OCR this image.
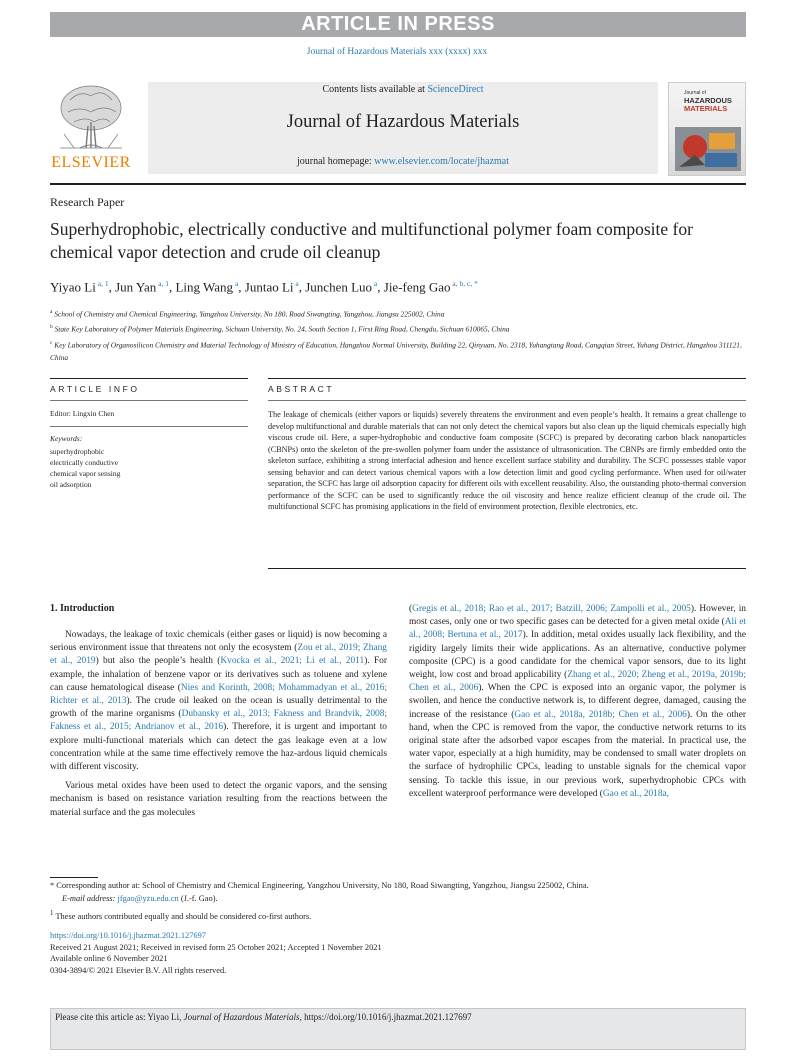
ARTICLE IN PRESS
Journal of Hazardous Materials xxx (xxxx) xxx
ELSEVIER
Contents lists available at ScienceDirect
Journal of Hazardous Materials
journal homepage: www.elsevier.com/locate/jhazmat
Journal of
HAZARDOUS
MATERIALS
Research Paper
Superhydrophobic, electrically conductive and multifunctional polymer foam composite for chemical vapor detection and crude oil cleanup
Yiyao Li $^{a, 1}$, Jun Yan $^{a, 1}$, Ling Wang $^a$, Juntao Li $^a$, Junchen Luo $^a$, Jie-feng Gao $^{a, b, c, *}$
$^a$ School of Chemistry and Chemical Engineering, Yangzhou University, No 180, Road Siwangting, Yangzhou, Jiangsu 225002, China
$^b$ State Key Laboratory of Polymer Materials Engineering, Sichuan University, No. 24, South Section 1, First Ring Road, Chengdu, Sichuan 610065, China
$^c$ Key Laboratory of Organosilicon Chemistry and Material Technology of Ministry of Education, Hangzhou Normal University, Building 22, Qinyuan, No. 2318, Yuhangtang Road, Cangqian Street, Yuhang District, Hangzhou 311121, China
ARTICLE INFO	ABSTRACT
Editor: Lingxin Chen
Keywords:
superhydrophobic
electrically conductive
chemical vapor sensing
oil adsorption
The leakage of chemicals (either vapors or liquids) severely threatens the environment and even people’s health. It remains a great challenge to develop multifunctional and durable materials that can not only detect the chemical vapors but also clean up the liquid chemicals especially high viscous crude oil. Here, a super-hydrophobic and conductive foam composite (SCFC) is prepared by decorating carbon black nanoparticles (CBNPs) onto the skeleton of the pre-swollen polymer foam under the assistance of ultrasonication. The CBNPs are firmly embedded onto the skeleton surface, exhibiting a strong interfacial adhesion and hence excellent surface stability and durability. The SCFC possesses stable vapor sensing behavior and can detect various chemical vapors with a low detection limit and good cycling performance. When used for oil/water separation, the SCFC has large oil adsorption capacity for different oils with excellent reusability. Also, the outstanding photo-thermal conversion performance of the SCFC can be used to significantly reduce the oil viscosity and hence realize efficient cleanup of the crude oil. The multifunctional SCFC has promising applications in the field of environment protection, flexible electronics, etc.
1. Introduction

Nowadays, the leakage of toxic chemicals (either gases or liquid) is now becoming a serious environment issue that threatens not only the ecosystem (Zou et al., 2019; Zhang et al., 2019) but also the people’s health (Kvocka et al., 2021; Li et al., 2011). For example, the inhalation of benzene vapor or its derivatives such as toluene and xylene can cause hematological disease (Nies and Korinth, 2008; Mohammadyan et al., 2016; Richter et al., 2013). The crude oil leaked on the ocean is usually detrimental to the growth of the marine organisms (Dubansky et al., 2013; Fakness and Brandvik, 2008; Fakness et al., 2015; Andrianov et al., 2016). Therefore, it is urgent and important to explore multi-functional materials which can detect the gas leakage even at a low concentration while at the same time effectively remove the haz-ardous liquid chemicals with different viscosity.

Various metal oxides have been used to detect the organic vapors, and the sensing mechanism is based on resistance variation resulting from the reactions between the material surface and the gas molecules

(Gregis et al., 2018; Rao et al., 2017; Batzill, 2006; Zampolli et al., 2005). However, in most cases, only one or two specific gases can be detected for a given metal oxide (Ali et al., 2008; Bertuna et al., 2017). In addition, metal oxides usually lack flexibility, and the rigidity largely limits their wide applications. As an alternative, conductive polymer composite (CPC) is a good candidate for the chemical vapor sensors, due to its light weight, low cost and broad applicability (Zhang et al., 2020; Zheng et al., 2019a, 2019b; Chen et al., 2006). When the CPC is exposed into an organic vapor, the polymer is swollen, and hence the conductive network is, to different degree, damaged, causing the increase of the resistance (Gao et al., 2018a, 2018b; Chen et al., 2006). On the other hand, when the CPC is removed from the vapor, the conductive network returns to its original state after the adsorbed vapor escapes from the material. In practical use, the water vapor, especially at a high humidity, may be condensed to small water droplets on the surface of hydrophilic CPCs, leading to unstable signals for the chemical vapor sensing. To tackle this issue, in our previous work, superhydrophobic CPCs with excellent waterproof performance were developed (Gao et al., 2018a,

* Corresponding author at: School of Chemistry and Chemical Engineering, Yangzhou University, No 180, Road Siwangting, Yangzhou, Jiangsu 225002, China.
E-mail address: jfgao@yzu.edu.cn (J.-f. Gao).
$^1$ These authors contributed equally and should be considered co-first authors.
https://doi.org/10.1016/j.jhazmat.2021.127697
Received 21 August 2021; Received in revised form 25 October 2021; Accepted 1 November 2021
Available online 6 November 2021
0304-3894/© 2021 Elsevier B.V. All rights reserved.
Please cite this article as: Yiyao Li, Journal of Hazardous Materials, https://doi.org/10.1016/j.jhazmat.2021.127697
